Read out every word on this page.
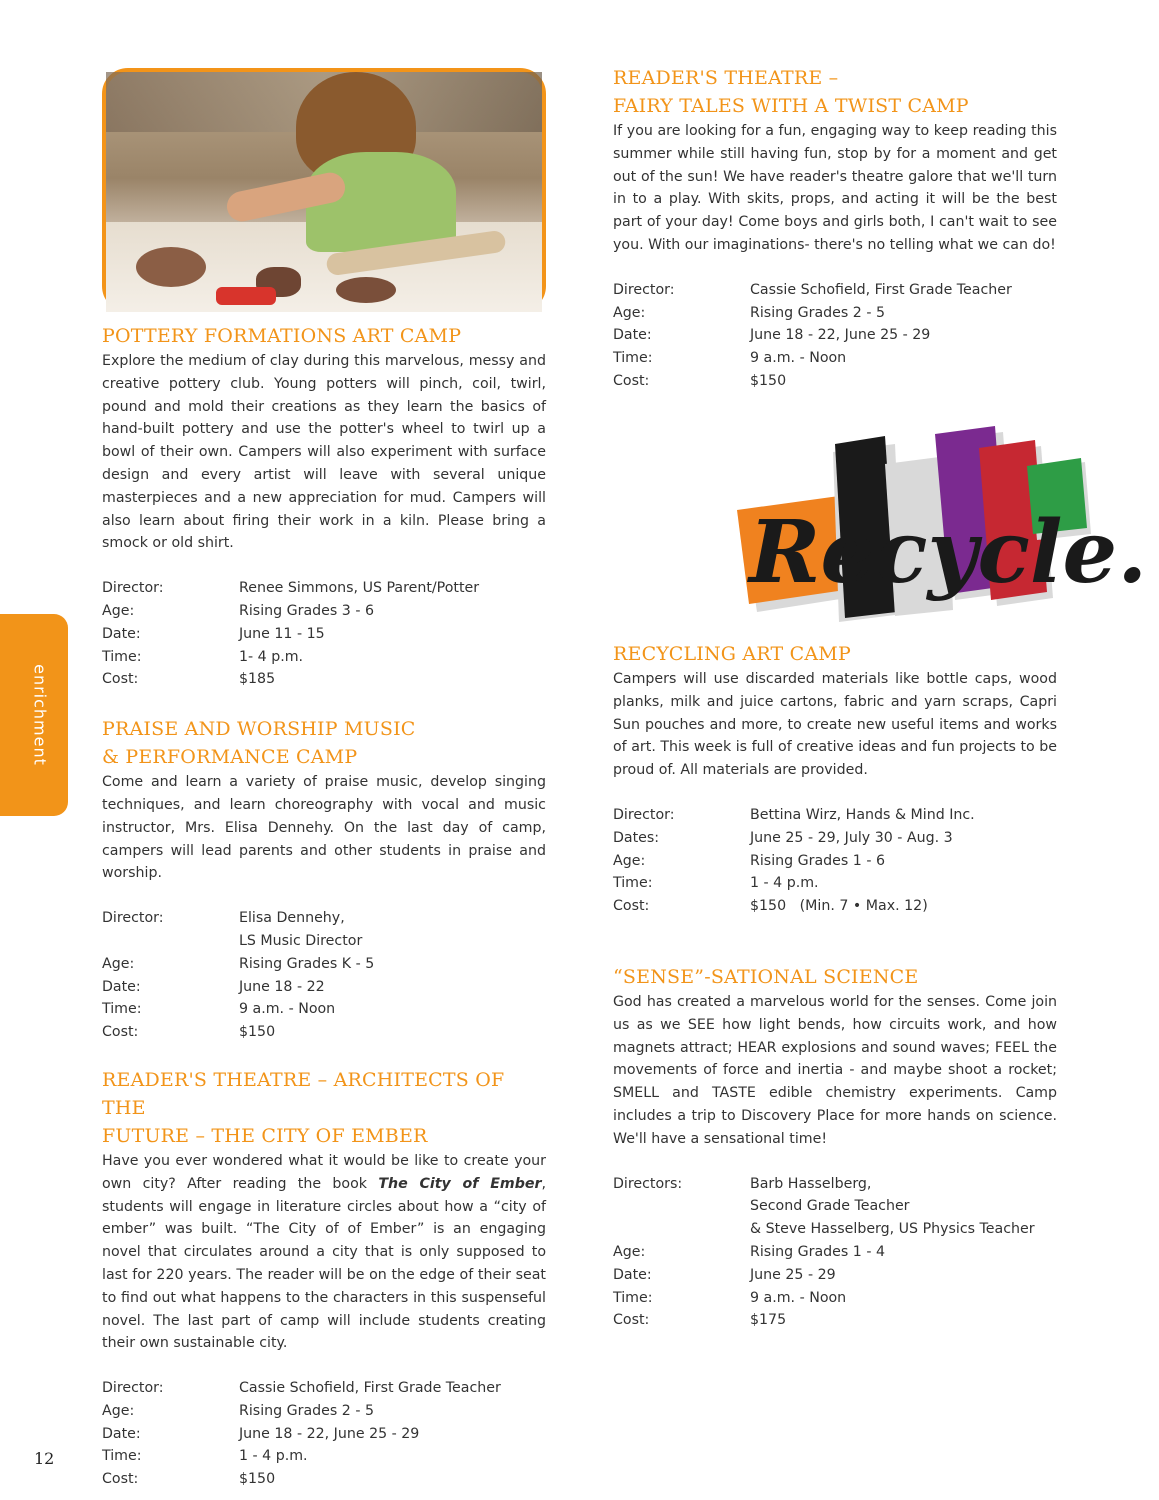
Recycle.
POTTERY FORMATIONS ART CAMP

Explore the medium of clay during this marvelous, messy and creative pottery club. Young potters will pinch, coil, twirl, pound and mold their creations as they learn the basics of hand-built pottery and use the potter's wheel to twirl up a bowl of their own. Campers will also experiment with surface design and every artist will leave with several unique masterpieces and a new appreciation for mud. Campers will also learn about firing their work in a kiln. Please bring a smock or old shirt.

Director:	Renee Simmons, US Parent/Potter
Age:	Rising Grades 3 - 6
Date:	June 11 - 15
Time:	1- 4 p.m.
Cost:	$185
PRAISE AND WORSHIP MUSIC
& PERFORMANCE CAMP

Come and learn a variety of praise music, develop singing techniques, and learn choreography with vocal and music instructor, Mrs. Elisa Dennehy. On the last day of camp, campers will lead parents and other students in praise and worship.

Director:	Elisa Dennehy,
	LS Music Director
Age:	Rising Grades K - 5
Date:	June 18 - 22
Time:	9 a.m. - Noon
Cost:	$150
READER'S THEATRE – ARCHITECTS OF THE
FUTURE – THE CITY OF EMBER

Have you ever wondered what it would be like to create your own city? After reading the book The City of Ember, students will engage in literature circles about how a “city of ember” was built. “The City of of Ember” is an engaging novel that circulates around a city that is only supposed to last for 220 years. The reader will be on the edge of their seat to find out what happens to the characters in this suspenseful novel. The last part of camp will include students creating their own sustainable city.

Director:	Cassie Schofield, First Grade Teacher
Age:	Rising Grades 2 - 5
Date:	June 18 - 22, June 25 - 29
Time:	1 - 4 p.m.
Cost:	$150
READER'S THEATRE –
FAIRY TALES WITH A TWIST CAMP

If you are looking for a fun, engaging way to keep reading this summer while still having fun, stop by for a moment and get out of the sun! We have reader's theatre galore that we'll turn in to a play. With skits, props, and acting it will be the best part of your day! Come boys and girls both, I can't wait to see you. With our imaginations- there's no telling what we can do!

Director:	Cassie Schofield, First Grade Teacher
Age:	Rising Grades 2 - 5
Date:	June 18 - 22, June 25 - 29
Time:	9 a.m. - Noon
Cost:	$150
RECYCLING ART CAMP

Campers will use discarded materials like bottle caps, wood planks, milk and juice cartons, fabric and yarn scraps, Capri Sun pouches and more, to create new useful items and works of art. This week is full of creative ideas and fun projects to be proud of. All materials are provided.

Director:	Bettina Wirz, Hands & Mind Inc.
Dates:	June 25 - 29, July 30 - Aug. 3
Age:	Rising Grades 1 - 6
Time:	1 - 4 p.m.
Cost:	$150 (Min. 7 • Max. 12)
“SENSE”-SATIONAL SCIENCE

God has created a marvelous world for the senses. Come join us as we SEE how light bends, how circuits work, and how magnets attract; HEAR explosions and sound waves; FEEL the movements of force and inertia - and maybe shoot a rocket; SMELL and TASTE edible chemistry experiments. Camp includes a trip to Discovery Place for more hands on science. We'll have a sensational time!

Directors:	Barb Hasselberg,
	Second Grade Teacher
	& Steve Hasselberg, US Physics Teacher
Age:	Rising Grades 1 - 4
Date:	June 25 - 29
Time:	9 a.m. - Noon
Cost:	$175
enrichment
12
